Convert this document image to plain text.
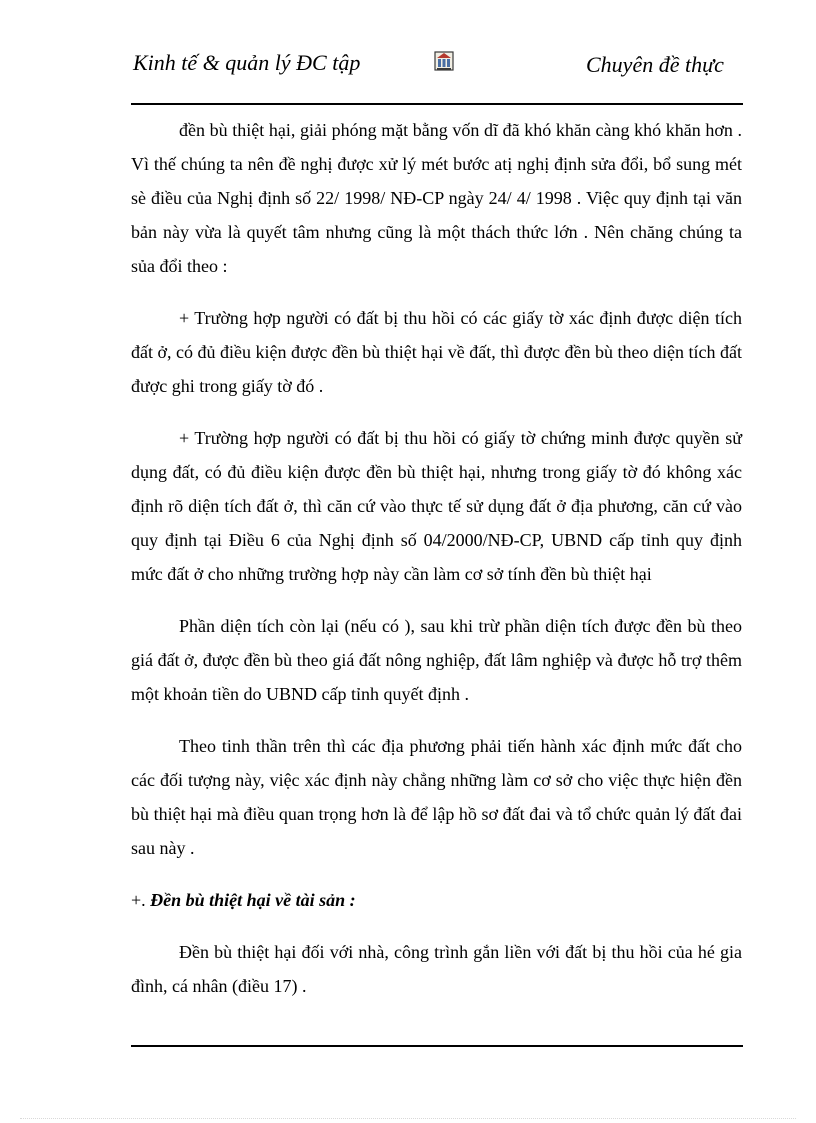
Kinh tế & quản lý ĐC tập	Chuyên đề thực

đền bù thiệt hại, giải phóng mặt bằng vốn dĩ đã khó khăn càng khó khăn hơn . Vì thế chúng ta nên đề nghị được xử lý mét bước atị nghị định sửa đổi, bổ sung mét sè điều của Nghị định số 22/ 1998/ NĐ-CP ngày 24/ 4/ 1998 . Việc quy định tại văn bản này vừa là quyết tâm nhưng cũng là một thách thức lớn . Nên chăng chúng ta sủa đổi theo :

+ Trường hợp người có đất bị thu hồi có các giấy tờ xác định được diện tích đất ở, có đủ điều kiện được đền bù thiệt hại về đất, thì được đền bù theo diện tích đất được ghi trong giấy tờ đó .

+ Trường hợp người có đất bị thu hồi có giấy tờ chứng minh được quyền sử dụng đất, có đủ điều kiện được đền bù thiệt hại, nhưng trong giấy tờ đó không xác định rõ diện tích đất ở, thì căn cứ vào thực tế sử dụng đất ở địa phương, căn cứ vào quy định tại Điều 6 của Nghị định số 04/2000/NĐ-CP, UBND cấp tỉnh quy định mức đất ở cho những trường hợp này cần làm cơ sở tính đền bù thiệt hại

Phần diện tích còn lại (nếu có ), sau khi trừ phần diện tích được đền bù theo giá đất ở, được đền bù theo giá đất nông nghiệp, đất lâm nghiệp và được hỗ trợ thêm một khoản tiền do UBND cấp tỉnh quyết định .

Theo tinh thần trên thì các địa phương phải tiến hành xác định mức đất cho các đối tượng này, việc xác định này chẳng những làm cơ sở cho việc thực hiện đền bù thiệt hại mà điều quan trọng hơn là để lập hồ sơ đất đai và tổ chức quản lý đất đai sau này .

+. Đền bù thiệt hại về tài sản :

Đền bù thiệt hại đối với nhà, công trình gắn liền với đất bị thu hồi của hé gia đình, cá nhân (điều 17) .
